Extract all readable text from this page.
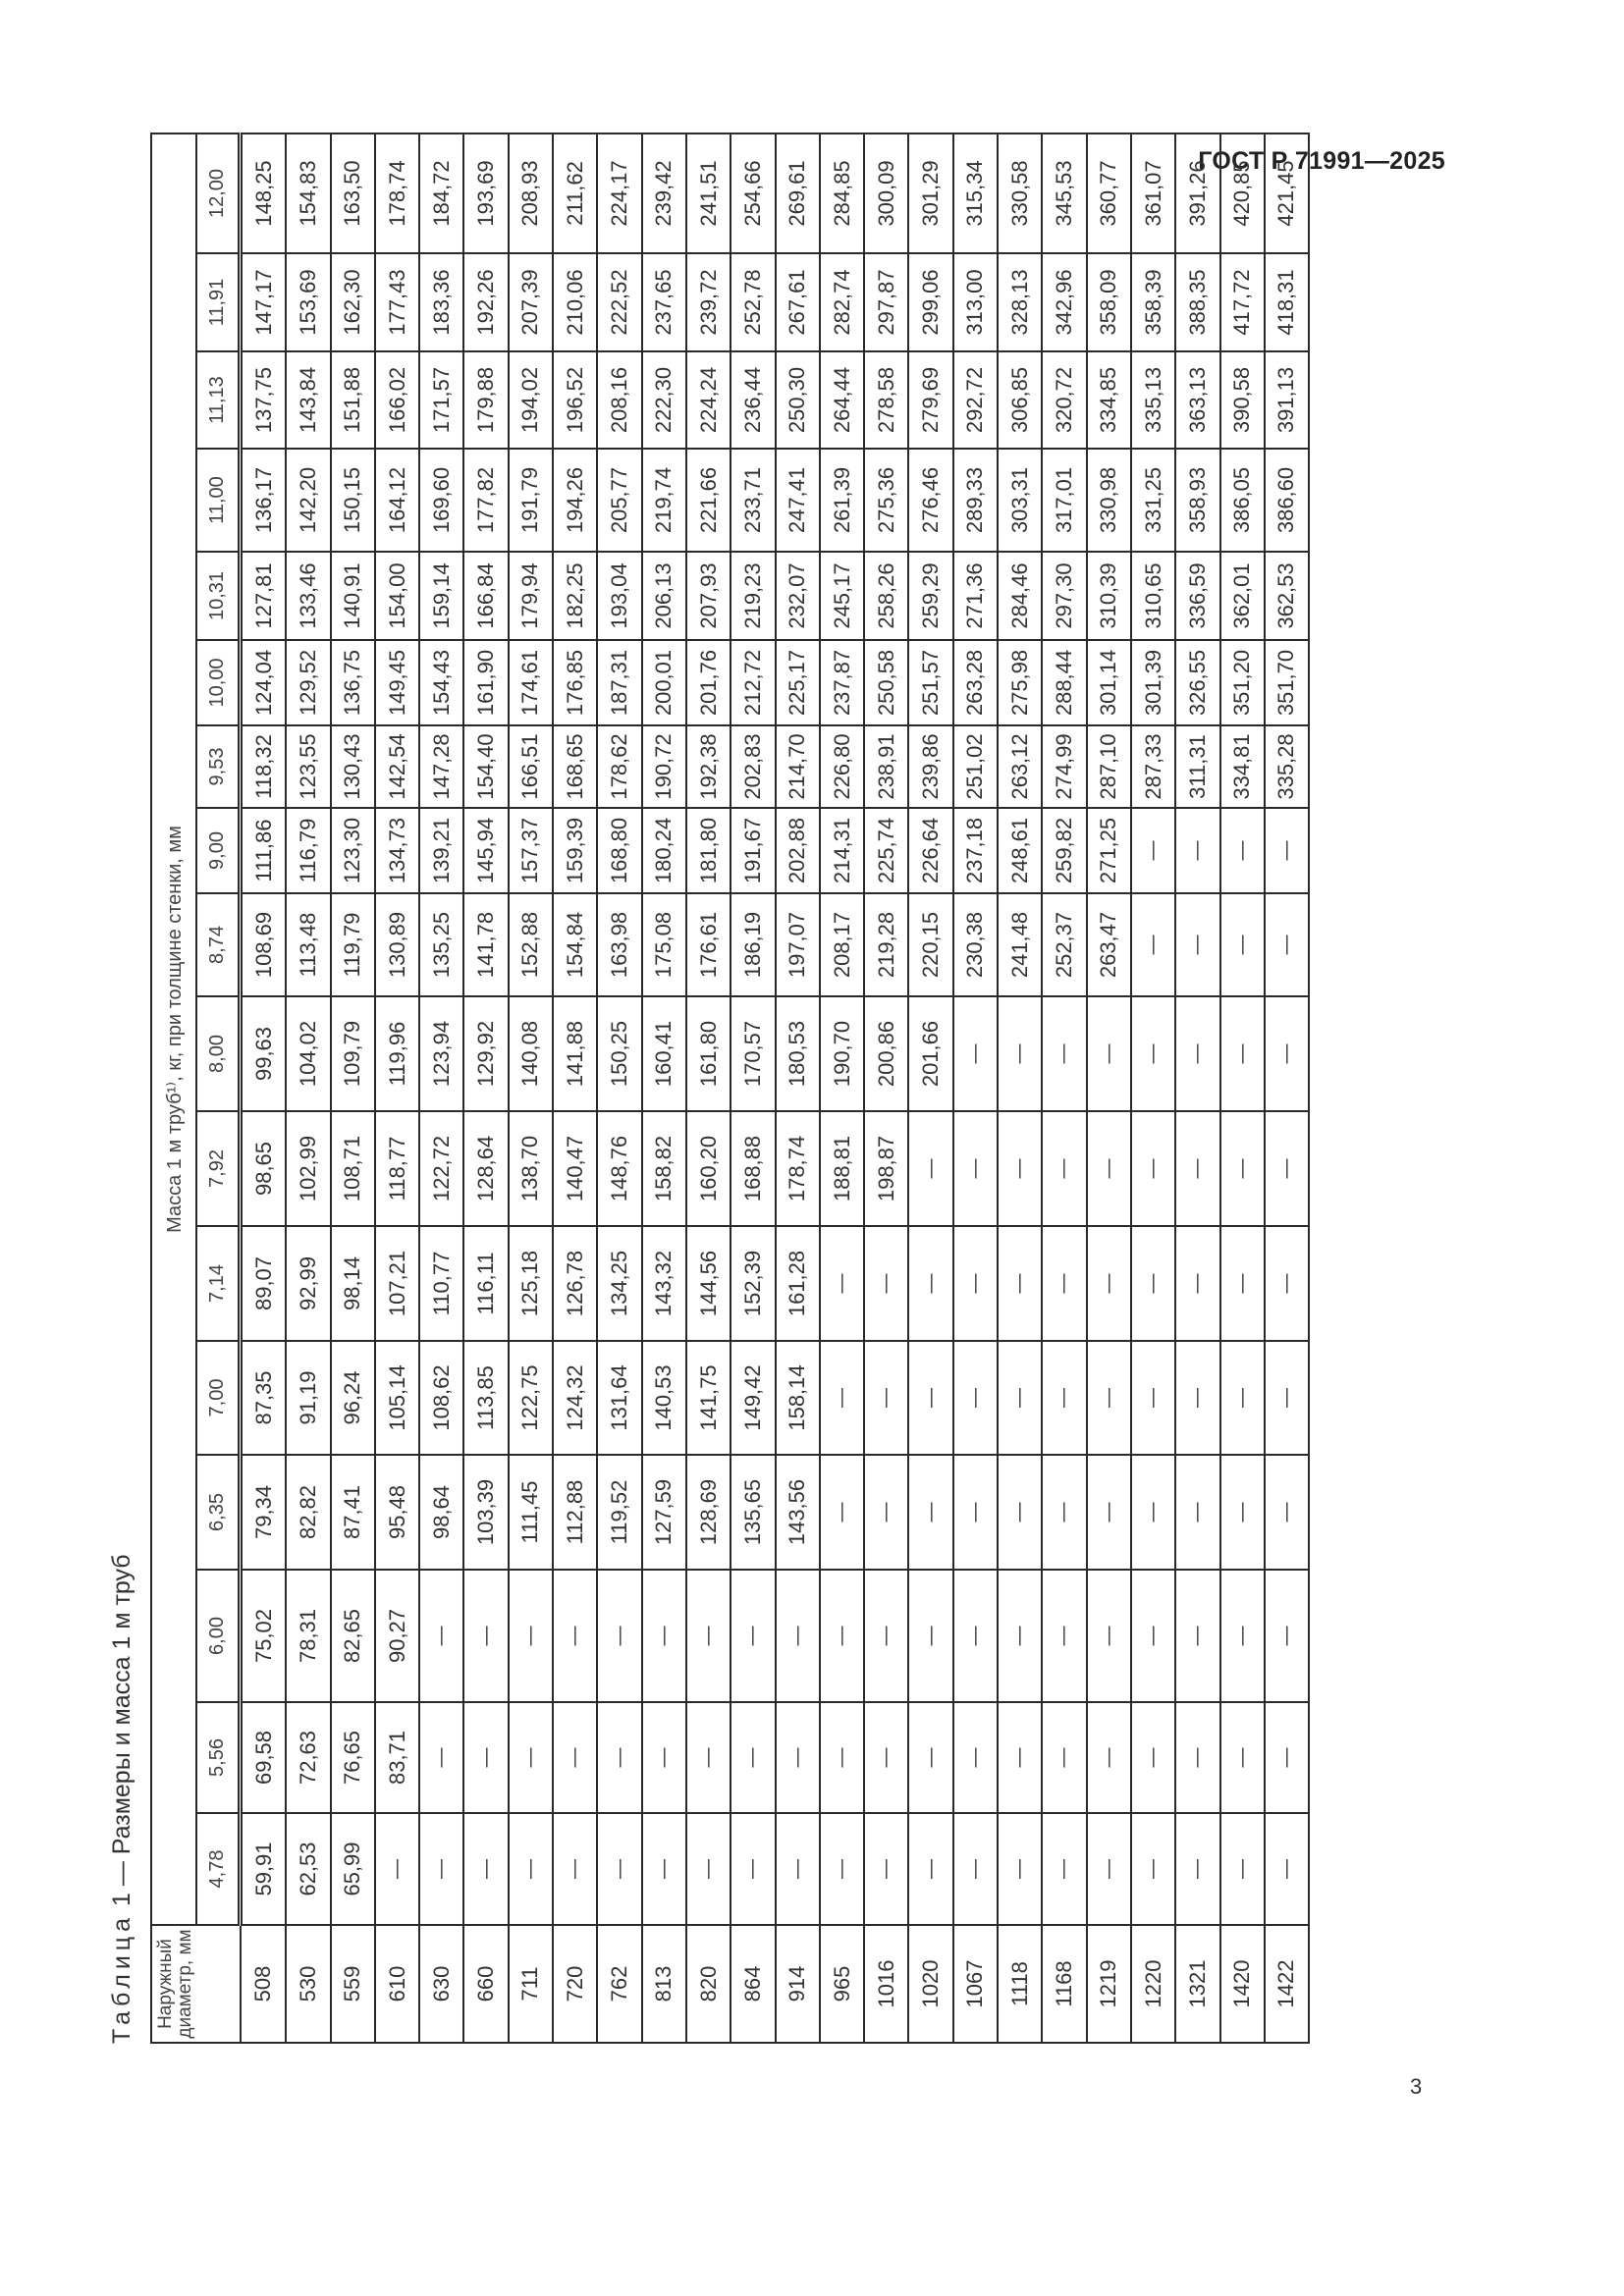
ГОСТ Р 71991—2025
Таблица 1 — Размеры и масса 1 м труб
Наружный диаметр, мм	Масса 1 м труб¹⁾, кг, при толщине стенки, мм																
	4,78	5,56	6,00	6,35	7,00	7,14	7,92	8,00	8,74	9,00	9,53	10,00	10,31	11,00	11,13	11,91	12,00
508	59,91	69,58	75,02	79,34	87,35	89,07	98,65	99,63	108,69	111,86	118,32	124,04	127,81	136,17	137,75	147,17	148,25
530	62,53	72,63	78,31	82,82	91,19	92,99	102,99	104,02	113,48	116,79	123,55	129,52	133,46	142,20	143,84	153,69	154,83
559	65,99	76,65	82,65	87,41	96,24	98,14	108,71	109,79	119,79	123,30	130,43	136,75	140,91	150,15	151,88	162,30	163,50
610	—	83,71	90,27	95,48	105,14	107,21	118,77	119,96	130,89	134,73	142,54	149,45	154,00	164,12	166,02	177,43	178,74
630	—	—	—	98,64	108,62	110,77	122,72	123,94	135,25	139,21	147,28	154,43	159,14	169,60	171,57	183,36	184,72
660	—	—	—	103,39	113,85	116,11	128,64	129,92	141,78	145,94	154,40	161,90	166,84	177,82	179,88	192,26	193,69
711	—	—	—	111,45	122,75	125,18	138,70	140,08	152,88	157,37	166,51	174,61	179,94	191,79	194,02	207,39	208,93
720	—	—	—	112,88	124,32	126,78	140,47	141,88	154,84	159,39	168,65	176,85	182,25	194,26	196,52	210,06	211,62
762	—	—	—	119,52	131,64	134,25	148,76	150,25	163,98	168,80	178,62	187,31	193,04	205,77	208,16	222,52	224,17
813	—	—	—	127,59	140,53	143,32	158,82	160,41	175,08	180,24	190,72	200,01	206,13	219,74	222,30	237,65	239,42
820	—	—	—	128,69	141,75	144,56	160,20	161,80	176,61	181,80	192,38	201,76	207,93	221,66	224,24	239,72	241,51
864	—	—	—	135,65	149,42	152,39	168,88	170,57	186,19	191,67	202,83	212,72	219,23	233,71	236,44	252,78	254,66
914	—	—	—	143,56	158,14	161,28	178,74	180,53	197,07	202,88	214,70	225,17	232,07	247,41	250,30	267,61	269,61
965	—	—	—	—	—	—	188,81	190,70	208,17	214,31	226,80	237,87	245,17	261,39	264,44	282,74	284,85
1016	—	—	—	—	—	—	198,87	200,86	219,28	225,74	238,91	250,58	258,26	275,36	278,58	297,87	300,09
1020	—	—	—	—	—	—	—	201,66	220,15	226,64	239,86	251,57	259,29	276,46	279,69	299,06	301,29
1067	—	—	—	—	—	—	—	—	230,38	237,18	251,02	263,28	271,36	289,33	292,72	313,00	315,34
1118	—	—	—	—	—	—	—	—	241,48	248,61	263,12	275,98	284,46	303,31	306,85	328,13	330,58
1168	—	—	—	—	—	—	—	—	252,37	259,82	274,99	288,44	297,30	317,01	320,72	342,96	345,53
1219	—	—	—	—	—	—	—	—	263,47	271,25	287,10	301,14	310,39	330,98	334,85	358,09	360,77
1220	—	—	—	—	—	—	—	—	—	—	287,33	301,39	310,65	331,25	335,13	358,39	361,07
1321	—	—	—	—	—	—	—	—	—	—	311,31	326,55	336,59	358,93	363,13	388,35	391,26
1420	—	—	—	—	—	—	—	—	—	—	334,81	351,20	362,01	386,05	390,58	417,72	420,85
1422	—	—	—	—	—	—	—	—	—	—	335,28	351,70	362,53	386,60	391,13	418,31	421,45
3
